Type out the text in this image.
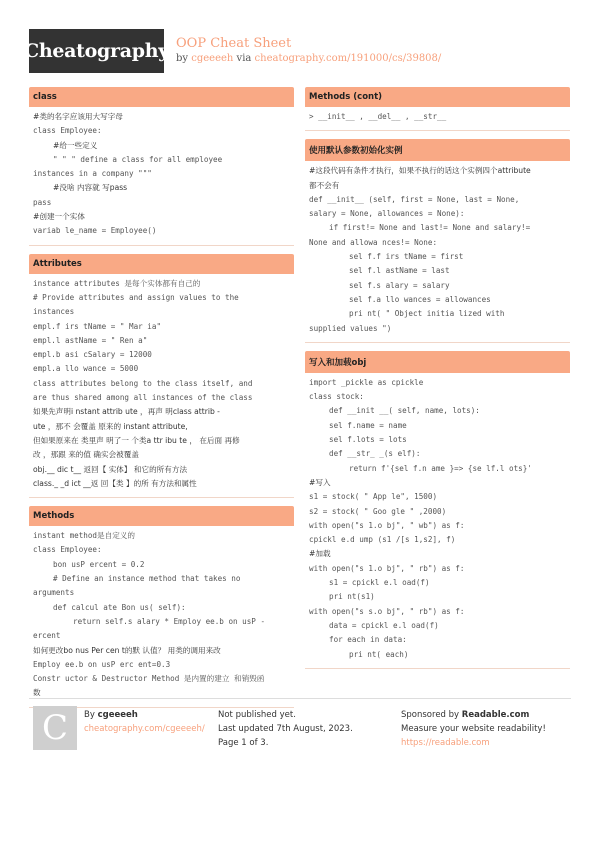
Cheatography OOP Cheat Sheet
by cgeeeeh via cheatography.com/191000/cs/39808/
class
#类的名字应该用大写字母
class Employee:
#给一些定义
" " " define a class for all employee
instances in a company """
#没啥 内容就 写pass
pass
#创建一个实体
variab le_name = Employee()
Attributes
instance attributes 是每个实体都有自己的
# Provide attributes and assign values to the
instances
empl.f irs tName = " Mar ia"
empl.l astName = " Ren a"
empl.b asi cSalary = 12000
empl.a llo wance = 5000
class attributes belong to the class itself, and
are thus shared among all instances of the class
如果先声明i nstant attrib ute ，再声 明class attrib -
ute ，那不 会覆盖 原来的 instant attribute,
但如果原来在 类里声 明了一 个类a ttr ibu te ， 在后面 再修
改 ，那跟 来的值 确实会被覆盖
obj.__ dic t__ 返回【 实体】 和它的所有方法
class._ _d ict __返 回【类 】的所 有方法和属性
Methods
instant method是自定义的
class Employee:
bon usP ercent = 0.2
# Define an instance method that takes no
arguments
def calcul ate Bon us( self):
return self.s alary * Employ ee.b on usP -
ercent
如何更改bo nus Per cen t的默 认值？ 用类的调用来改
Employ ee.b on usP erc ent=0.3
Constr uctor & Destructor Method 是内置的建立 和销毁函
数
Methods (cont)
> __init__ , __del__ , __str__
使用默认参数初始化实例
#这段代码有条件才执行，如果不执行的话这个实例四个attribute
都不会有
def __init__ (self, first = None, last = None,
salary = None, allowances = None):
if first!= None and last!= None and salary!=
None and allowa nces!= None:
sel f.f irs tName = first
sel f.l astName = last
sel f.s alary = salary
sel f.a llo wances = allowances
pri nt( " Object initia lized with
supplied values ")
写入和加载obj
import _pickle as cpickle
class stock:
def __init __( self, name, lots):
sel f.name = name
sel f.lots = lots
def __str_ _(s elf):
return f'{sel f.n ame }=> {se lf.l ots}'
#写入
s1 = stock( " App le", 1500)
s2 = stock( " Goo gle " ,2000)
with open("s 1.o bj", " wb") as f:
cpickl e.d ump (s1 /[s 1,s2], f)
#加载
with open("s 1.o bj", " rb") as f:
s1 = cpickl e.l oad(f)
pri nt(s1)
with open("s s.o bj", " rb") as f:
data = cpickl e.l oad(f)
for each in data:
pri nt( each)
C	By cgeeeeh
cheatography.com/cgeeeeh/
Not published yet.
Last updated 7th August, 2023.
Page 1 of 3.
Sponsored by Readable.com
Measure your website readability!
https://readable.com
